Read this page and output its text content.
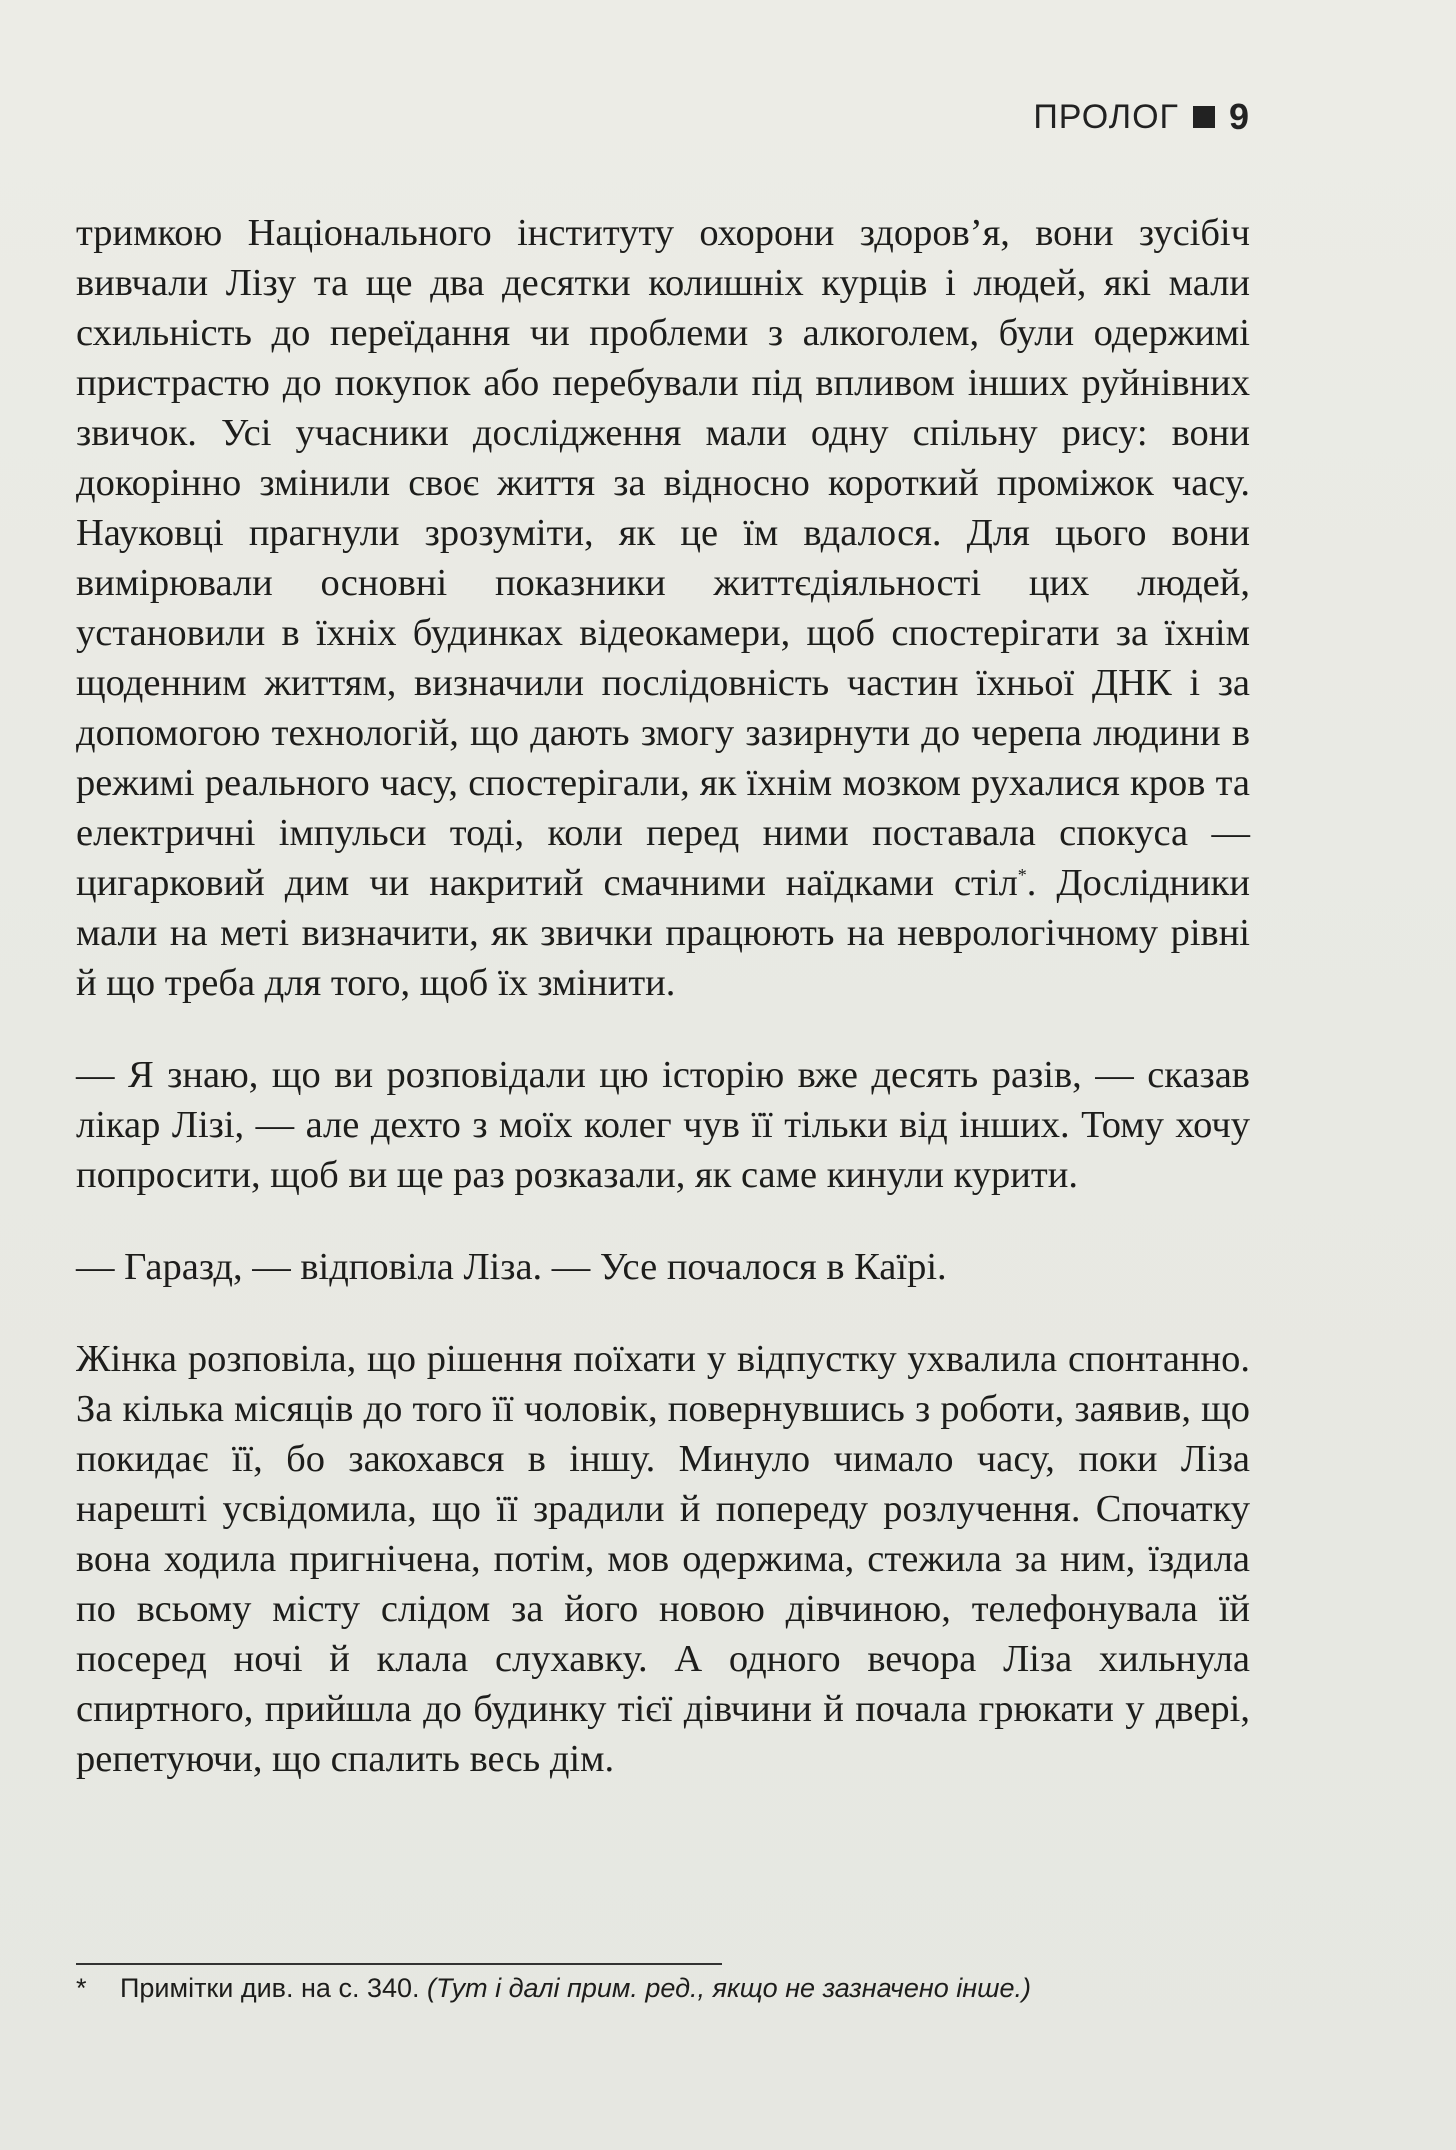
ПРОЛОГ 9

тримкою Національного інституту охорони здоров’я, вони зусібіч вивчали Лізу та ще два десятки колишніх курців і людей, які мали схильність до переїдання чи проблеми з алкоголем, були одержимі пристрастю до покупок або перебували під впливом інших руйнівних звичок. Усі учасники дослідження мали одну спільну рису: вони докорінно змінили своє життя за відносно короткий проміжок часу. Науковці прагнули зрозуміти, як це їм вдалося. Для цього вони вимірювали основні показники життєдіяльності цих людей, установили в їхніх будинках відеокамери, щоб спостерігати за їхнім щоденним життям, визначили послідовність частин їхньої ДНК і за допомогою технологій, що дають змогу зазирнути до черепа людини в режимі реального часу, спостерігали, як їхнім мозком рухалися кров та електричні імпульси тоді, коли перед ними поставала спокуса — цигарковий дим чи накритий смачними наїдками стіл*. Дослідники мали на меті визначити, як звички працюють на неврологічному рівні й що треба для того, щоб їх змінити.

— Я знаю, що ви розповідали цю історію вже десять разів, — сказав лікар Лізі, — але дехто з моїх колег чув її тільки від інших. Тому хочу попросити, щоб ви ще раз розказали, як саме кинули курити.

— Гаразд, — відповіла Ліза. — Усе почалося в Каїрі.

Жінка розповіла, що рішення поїхати у відпустку ухвалила спонтанно. За кілька місяців до того її чоловік, повернувшись з роботи, заявив, що покидає її, бо закохався в іншу. Минуло чимало часу, поки Ліза нарешті усвідомила, що її зрадили й попереду розлучення. Спочатку вона ходила пригнічена, потім, мов одержима, стежила за ним, їздила по всьому місту слідом за його новою дівчиною, телефонувала їй посеред ночі й клала слухавку. А одного вечора Ліза хильнула спиртного, прийшла до будинку тієї дівчини й почала грюкати у двері, репетуючи, що спалить весь дім.

* Примітки див. на с. 340. (Тут і далі прим. ред., якщо не зазначено інше.)
